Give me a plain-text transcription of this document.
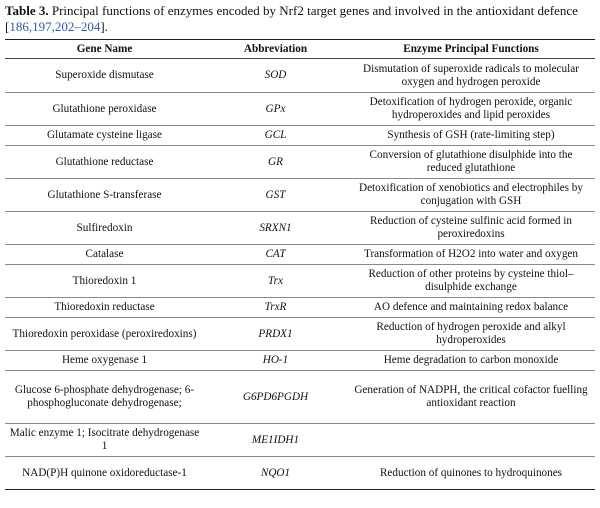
Table 3. Principal functions of enzymes encoded by Nrf2 target genes and involved in the antioxidant defence [186,197,202–204].

Gene Name	Abbreviation	Enzyme Principal Functions
Superoxide dismutase	SOD	Dismutation of superoxide radicals to molecular oxygen and hydrogen peroxide
Glutathione peroxidase	GPx	Detoxification of hydrogen peroxide, organic hydroperoxides and lipid peroxides
Glutamate cysteine ligase	GCL	Synthesis of GSH (rate-limiting step)
Glutathione reductase	GR	Conversion of glutathione disulphide into the reduced glutathione
Glutathione S-transferase	GST	Detoxification of xenobiotics and electrophiles by conjugation with GSH
Sulfiredoxin	SRXN1	Reduction of cysteine sulfinic acid formed in peroxiredoxins
Catalase	CAT	Transformation of H2O2 into water and oxygen
Thioredoxin 1	Trx	Reduction of other proteins by cysteine thiol–disulphide exchange
Thioredoxin reductase	TrxR	AO defence and maintaining redox balance
Thioredoxin peroxidase (peroxiredoxins)	PRDX1	Reduction of hydrogen peroxide and alkyl hydroperoxides
Heme oxygenase 1	HO-1	Heme degradation to carbon monoxide
Glucose 6-phosphate dehydrogenase; 6-phosphogluconate dehydrogenase;	G6PD6PGDH	Generation of NADPH, the critical cofactor fuelling antioxidant reaction
Malic enzyme 1; Isocitrate dehydrogenase 1	ME1IDH1	
NAD(P)H quinone oxidoreductase-1	NQO1	Reduction of quinones to hydroquinones
